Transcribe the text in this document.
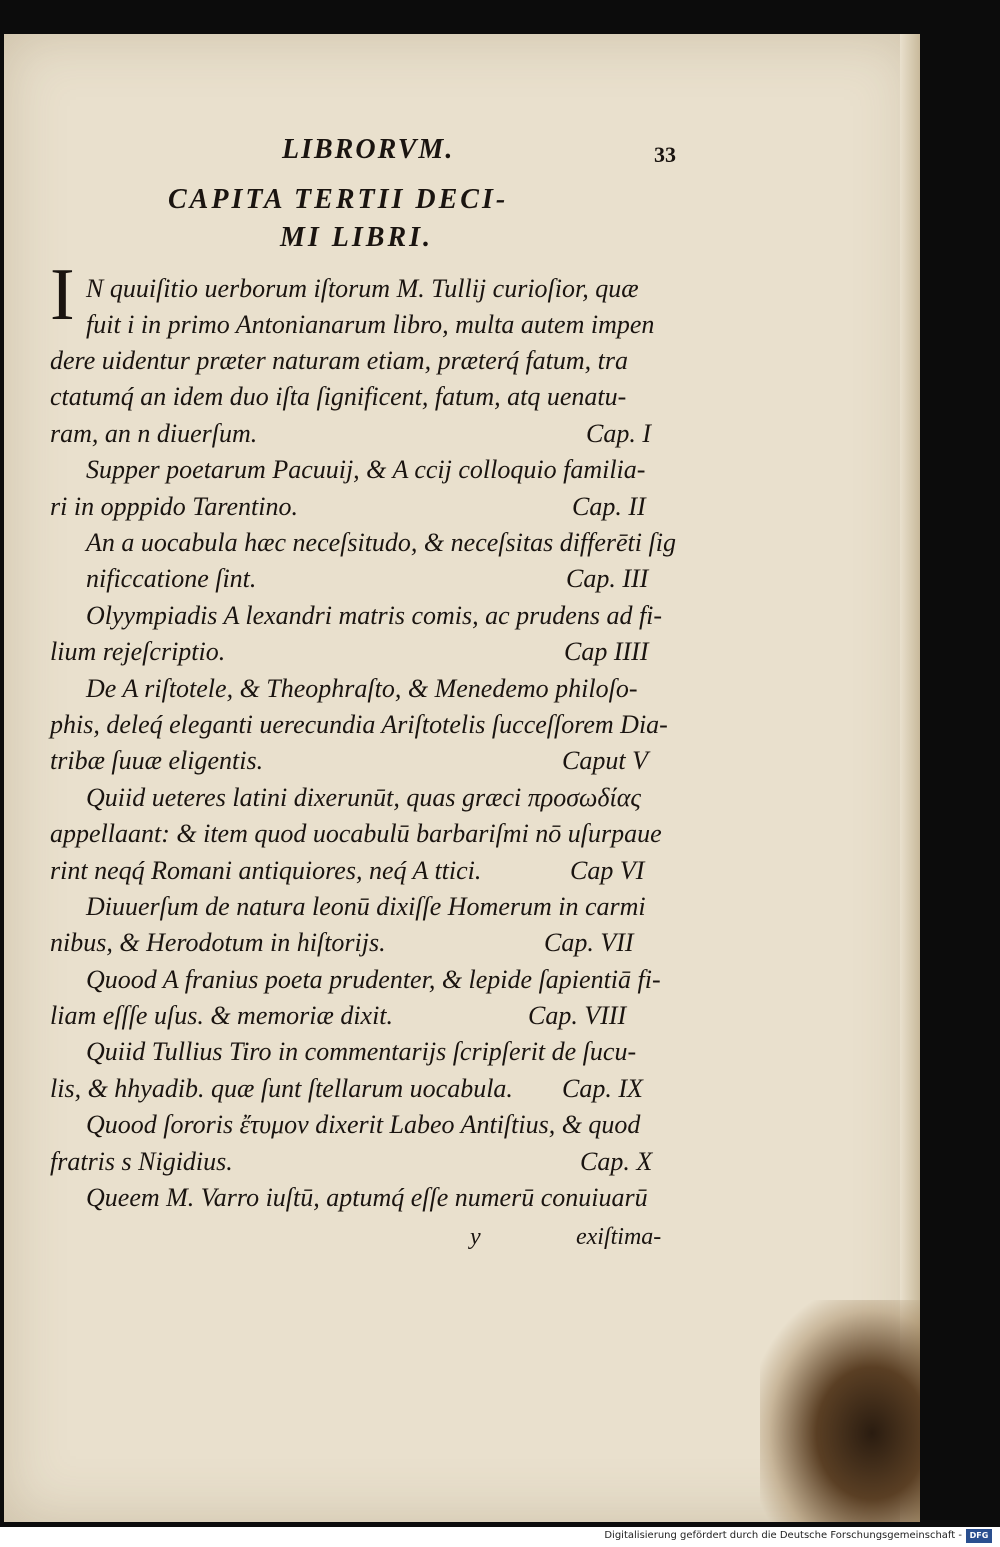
LIBRORVM.	33
CAPITA TERTII DECI-
MI LIBRI.
I N quuiſitio uerborum iſtorum M. Tullij curioſior, quæ
fuit i in primo Antonianarum libro, multa autem impen
dere uidentur præter naturam etiam, præterq́ fatum, tra
ctatumq́ an idem duo iſta ſignificent, fatum, atq uenatu-
ram, an n diuerſum.	Cap. I
Supper poetarum Pacuuij, & A ccij colloquio familia-
ri in opppido Tarentino.	Cap. II
An a uocabula hæc neceſsitudo, & neceſsitas differēti ſig
nificcatione ſint.	Cap. III
Olyympiadis A lexandri matris comis, ac prudens ad fi-
lium rejeſcriptio.	Cap IIII
De A riſtotele, & Theophraſto, & Menedemo philoſo-
phis, deleq́ eleganti uerecundia Ariſtotelis ſucceſſorem Dia-
tribæ ſuuæ eligentis.	Caput V
Quiid ueteres latini dixerunūt, quas græci προσωδίας
appellaant: & item quod uocabulū barbariſmi nō uſurpaue
rint neqq́ Romani antiquiores, neq́ A ttici.	Cap VI
Diuuerſum de natura leonū dixiſſe Homerum in carmi
nibus, & Herodotum in hiſtorijs.	Cap. VII
Quood A franius poeta prudenter, & lepide ſapientiā fi-
liam eſſſe uſus. & memoriæ dixit.	Cap. VIII
Quiid Tullius Tiro in commentarijs ſcripſerit de ſucu-
lis, & hhyadib. quæ ſunt ſtellarum uocabula. Cap. IX
Quood ſororis ἔτυμον dixerit Labeo Antiſtius, & quod
fratris s Nigidius.	Cap. X
Queem M. Varro iuſtū, aptumq́ eſſe numerū conuiuarū
y	exiſtima-
Digitalisierung gefördert durch die Deutsche Forschungsgemeinschaft - DFG
